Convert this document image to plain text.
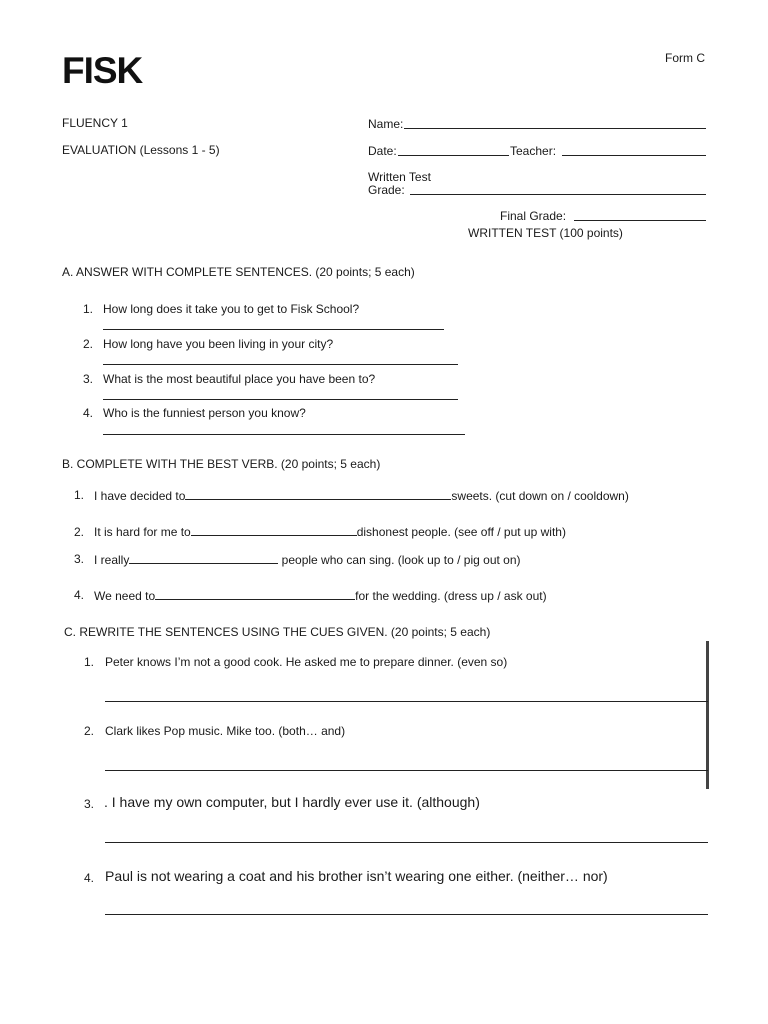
FISK	Form C
FLUENCY 1
EVALUATION (Lessons 1 - 5)
Name:
Date:	Teacher:
Written Test
Grade:
Final Grade:
WRITTEN TEST (100 points)
A. ANSWER WITH COMPLETE SENTENCES. (20 points; 5 each)
1. How long does it take you to get to Fisk School?
2. How long have you been living in your city?
3. What is the most beautiful place you have been to?
4. Who is the funniest person you know?
B. COMPLETE WITH THE BEST VERB. (20 points; 5 each)
1. I have decided to	sweets. (cut down on / cooldown)
2. It is hard for me to	dishonest people. (see off / put up with)
3. I really	people who can sing. (look up to / pig out on)
4. We need to	for the wedding. (dress up / ask out)
C. REWRITE THE SENTENCES USING THE CUES GIVEN. (20 points; 5 each)
1. Peter knows I’m not a good cook. He asked me to prepare dinner. (even so)
2. Clark likes Pop music. Mike too. (both… and)
3. . I have my own computer, but I hardly ever use it. (although)
4. Paul is not wearing a coat and his brother isn’t wearing one either. (neither… nor)
